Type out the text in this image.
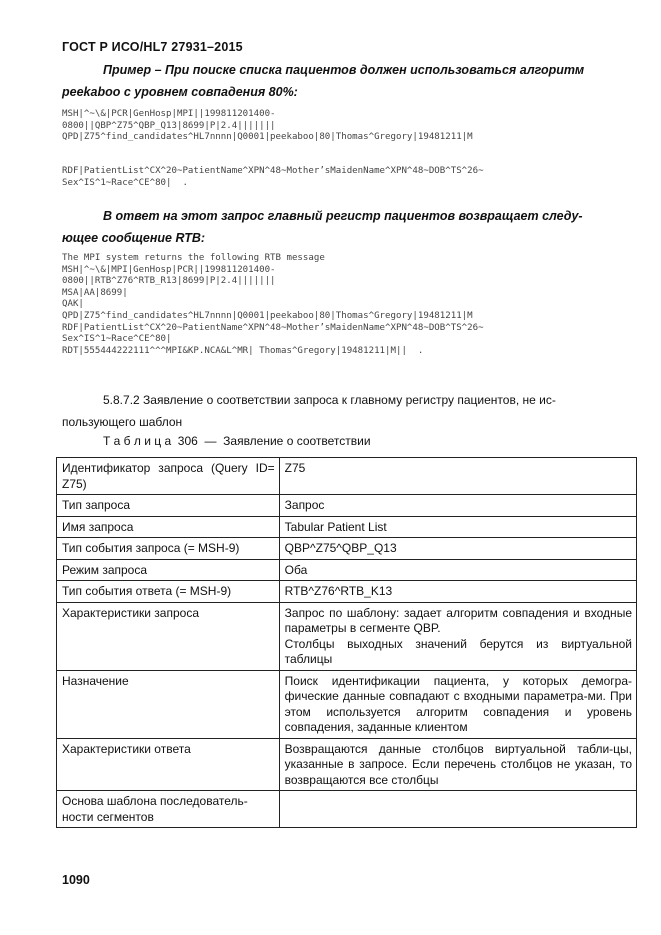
ГОСТ Р ИСО/HL7 27931–2015
Пример – При поиске списка пациентов должен использоваться алгоритм
peekaboo с уровнем совпадения 80%:
MSH|^~\&|PCR|GenHosp|MPI||199811201400-
0800||QBP^Z75^QBP_Q13|8699|P|2.4|||||||
QPD|Z75^find_candidates^HL7nnnn|Q0001|peekaboo|80|Thomas^Gregory|19481211|M
RDF|PatientList^CX^20~PatientName^XPN^48~Mother’sMaidenName^XPN^48~DOB^TS^26~
Sex^IS^1~Race^CE^80|  .
В ответ на этот запрос главный регистр пациентов возвращает следу-
ющее сообщение RTB:
The MPI system returns the following RTB message
MSH|^~\&|MPI|GenHosp|PCR||199811201400-
0800||RTB^Z76^RTB_R13|8699|P|2.4|||||||
MSA|AA|8699|
QAK|
QPD|Z75^find_candidates^HL7nnnn|Q0001|peekaboo|80|Thomas^Gregory|19481211|M
RDF|PatientList^CX^20~PatientName^XPN^48~Mother’sMaidenName^XPN^48~DOB^TS^26~
Sex^IS^1~Race^CE^80|
RDT|555444222111^^^MPI&KP.NCA&L^MR| Thomas^Gregory|19481211|M||  .
5.8.7.2 Заявление о соответствии запроса к главному регистру пациентов, не ис-
пользующего шаблон
Т а б л и ц а  306  —  Заявление о соответствии
Идентификатор запроса (Query ID= Z75)	Z75
Тип запроса	Запрос
Имя запроса	Tabular Patient List
Тип события запроса (= MSH-9)	QBP^Z75^QBP_Q13
Режим запроса	Оба
Тип события ответа (= MSH-9)	RTB^Z76^RTB_K13
Характеристики запроса	Запрос по шаблону: задает алгоритм совпадения и входные параметры в сегменте QBP.
Столбцы выходных значений берутся из виртуальной таблицы

Назначение	Поиск идентификации пациента, у которых демогра-фические данные совпадают с входными параметра-ми. При этом используется алгоритм совпадения и уровень совпадения, заданные клиентом
Характеристики ответа	Возвращаются данные столбцов виртуальной табли-цы, указанные в запросе. Если перечень столбцов не указан, то возвращаются все столбцы
Основа шаблона последователь-ности сегментов	
1090
